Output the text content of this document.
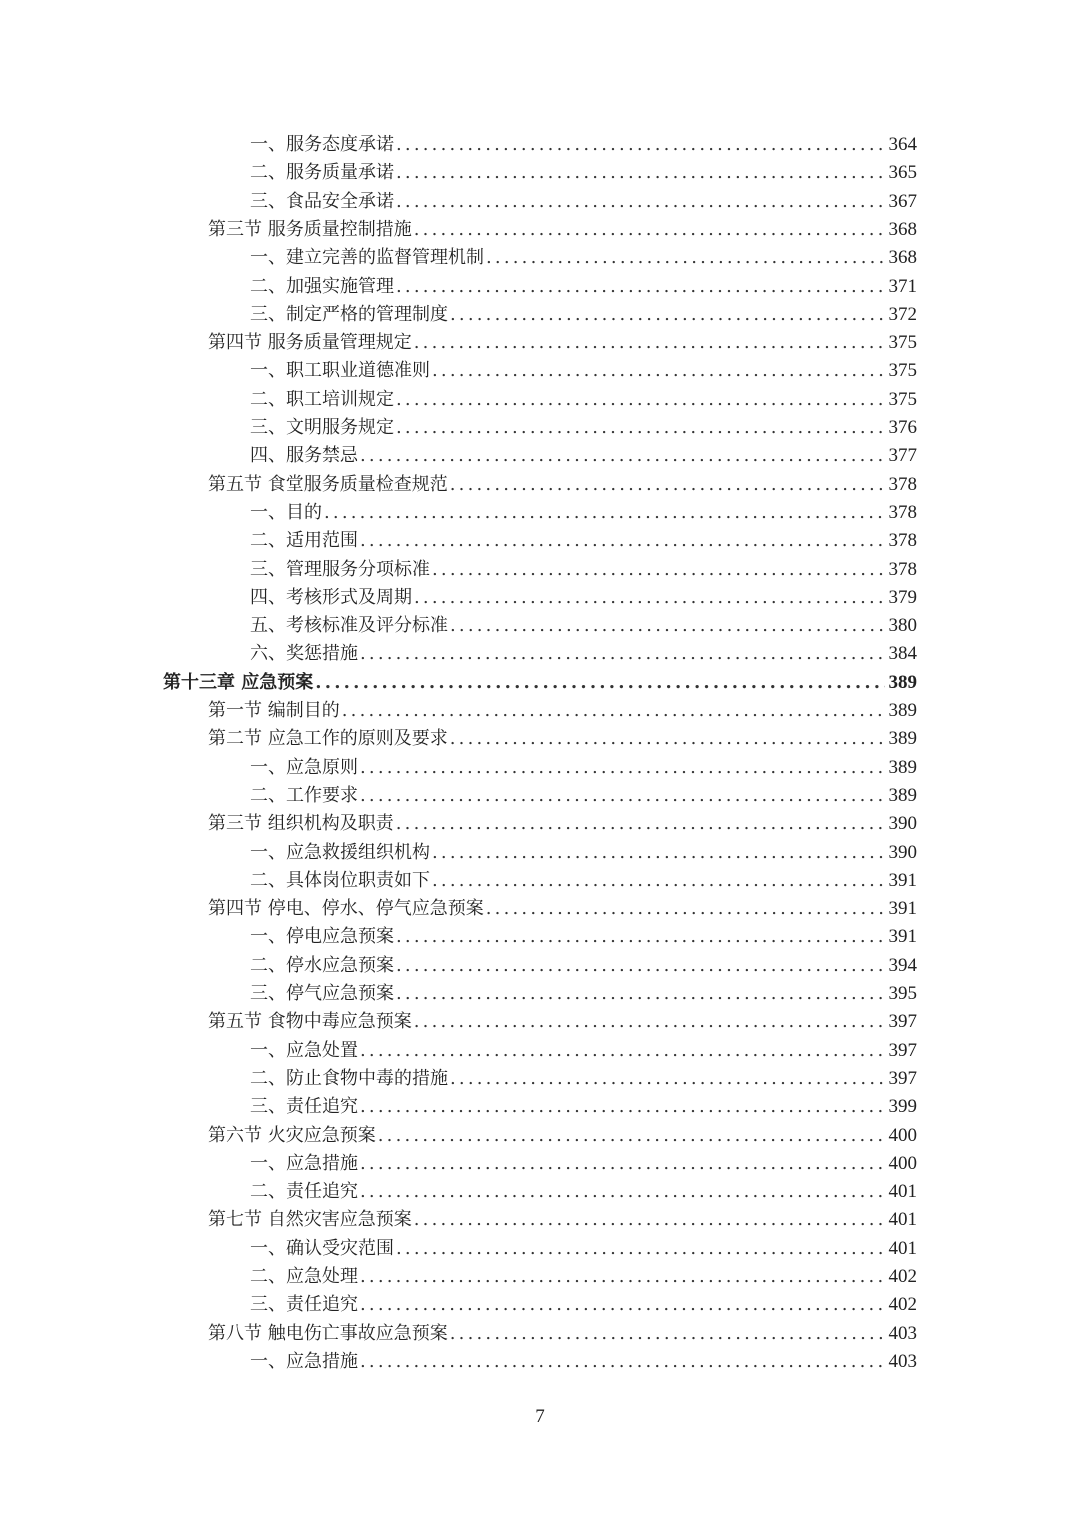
一、服务态度承诺 .....	364
二、服务质量承诺 .....	365
三、食品安全承诺 .....	367
第三节 服务质量控制措施 .....	368
一、建立完善的监督管理机制 .....	368
二、加强实施管理 .....	371
三、制定严格的管理制度 .....	372
第四节 服务质量管理规定 .....	375
一、职工职业道德准则 .....	375
二、职工培训规定 .....	375
三、文明服务规定 .....	376
四、服务禁忌 .....	377
第五节 食堂服务质量检查规范 .....	378
一、目的 .....	378
二、适用范围 .....	378
三、管理服务分项标准 .....	378
四、考核形式及周期 .....	379
五、考核标准及评分标准 .....	380
六、奖惩措施 .....	384
第十三章 应急预案 .....	389
第一节 编制目的 .....	389
第二节 应急工作的原则及要求 .....	389
一、应急原则 .....	389
二、工作要求 .....	389
第三节 组织机构及职责 .....	390
一、应急救援组织机构 .....	390
二、具体岗位职责如下 .....	391
第四节 停电、停水、停气应急预案 .....	391
一、停电应急预案 .....	391
二、停水应急预案 .....	394
三、停气应急预案 .....	395
第五节 食物中毒应急预案 .....	397
一、应急处置 .....	397
二、防止食物中毒的措施 .....	397
三、责任追究 .....	399
第六节 火灾应急预案 .....	400
一、应急措施 .....	400
二、责任追究 .....	401
第七节 自然灾害应急预案 .....	401
一、确认受灾范围 .....	401
二、应急处理 .....	402
三、责任追究 .....	402
第八节 触电伤亡事故应急预案 .....	403
一、应急措施 .....	403
7
